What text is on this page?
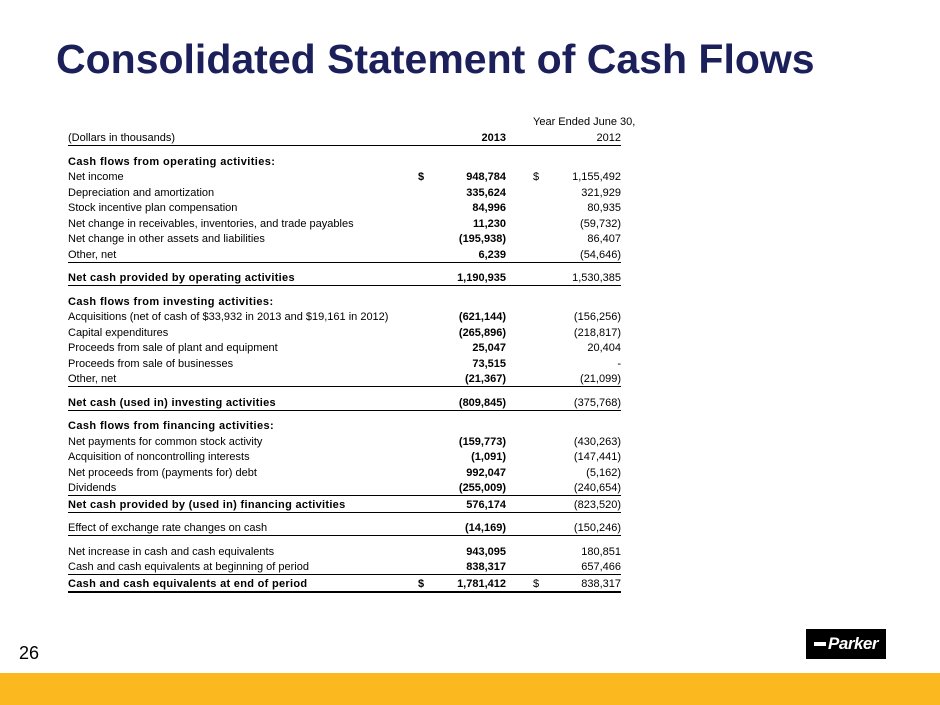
Consolidated Statement of Cash Flows
					Year Ended June 30,	
(Dollars in thousands)		2013				2012

Cash flows from operating activities:						
Net income	$	948,784			$	1,155,492
Depreciation and amortization		335,624				321,929
Stock incentive plan compensation		84,996				80,935
Net change in receivables, inventories, and trade payables		11,230				(59,732)
Net change in other assets and liabilities		(195,938)				86,407
Other, net		6,239				(54,646)

Net cash provided by operating activities		1,190,935				1,530,385

Cash flows from investing activities:						
Acquisitions (net of cash of $33,932 in 2013 and $19,161 in 2012)		(621,144)				(156,256)
Capital expenditures		(265,896)				(218,817)
Proceeds from sale of plant and equipment		25,047				20,404
Proceeds from sale of businesses		73,515				-
Other, net		(21,367)				(21,099)

Net cash (used in) investing activities		(809,845)				(375,768)

Cash flows from financing activities:						
Net payments for common stock activity		(159,773)				(430,263)
Acquisition of noncontrolling interests		(1,091)				(147,441)
Net proceeds from (payments for) debt		992,047				(5,162)
Dividends		(255,009)				(240,654)
Net cash provided by (used in) financing activities		576,174				(823,520)

Effect of exchange rate changes on cash		(14,169)				(150,246)

Net increase in cash and cash equivalents		943,095				180,851
Cash and cash equivalents at beginning of period		838,317				657,466
Cash and cash equivalents at end of period	$	1,781,412			$	838,317
26	Parker
